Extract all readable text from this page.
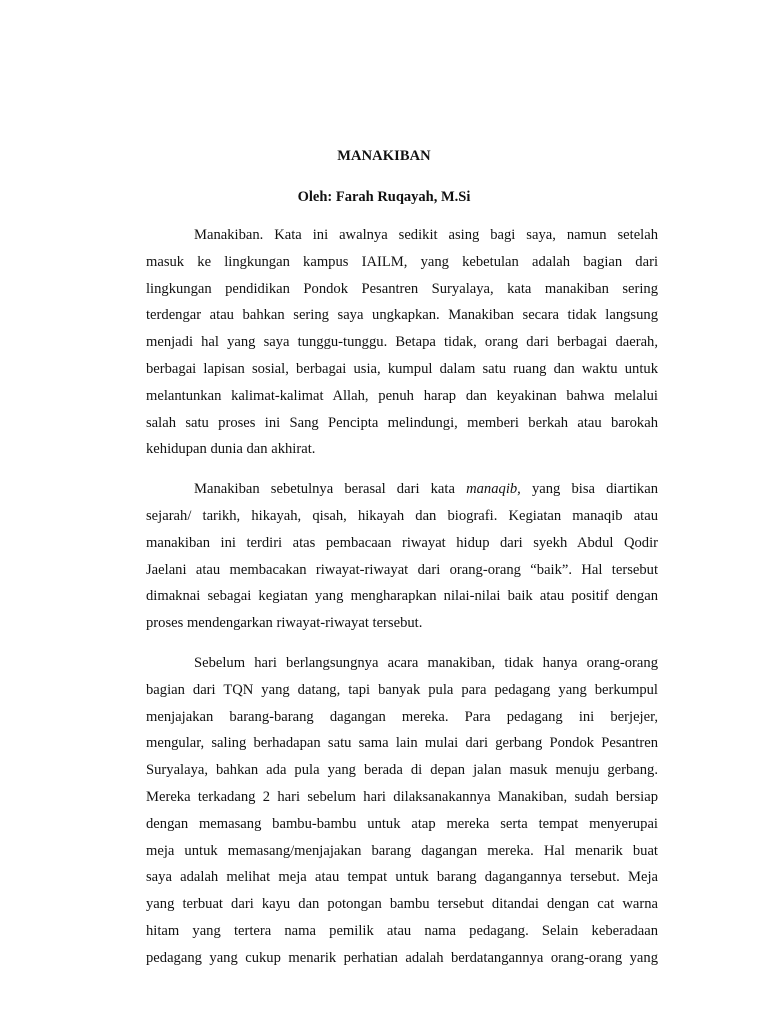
MANAKIBAN
Oleh: Farah Ruqayah, M.Si
Manakiban. Kata ini awalnya sedikit asing bagi saya, namun setelah
masuk ke lingkungan kampus IAILM, yang kebetulan adalah bagian dari
lingkungan pendidikan Pondok Pesantren Suryalaya, kata manakiban sering
terdengar atau bahkan sering saya ungkapkan. Manakiban secara tidak langsung
menjadi hal yang saya tunggu-tunggu. Betapa tidak, orang dari berbagai daerah,
berbagai lapisan sosial, berbagai usia, kumpul dalam satu ruang dan waktu untuk
melantunkan kalimat-kalimat Allah, penuh harap dan keyakinan bahwa melalui
salah satu proses ini Sang Pencipta melindungi, memberi berkah atau barokah
kehidupan dunia dan akhirat.
Manakiban sebetulnya berasal dari kata manaqib, yang bisa diartikan
sejarah/ tarikh, hikayah, qisah, hikayah dan biografi. Kegiatan manaqib atau
manakiban ini terdiri atas pembacaan riwayat hidup dari syekh Abdul Qodir
Jaelani atau membacakan riwayat-riwayat dari orang-orang “baik”. Hal tersebut
dimaknai sebagai kegiatan yang mengharapkan nilai-nilai baik atau positif dengan
proses mendengarkan riwayat-riwayat tersebut.
Sebelum hari berlangsungnya acara manakiban, tidak hanya orang-orang
bagian dari TQN yang datang, tapi banyak pula para pedagang yang berkumpul
menjajakan barang-barang dagangan mereka. Para pedagang ini berjejer,
mengular, saling berhadapan satu sama lain mulai dari gerbang Pondok Pesantren
Suryalaya, bahkan ada pula yang berada di depan jalan masuk menuju gerbang.
Mereka terkadang 2 hari sebelum hari dilaksanakannya Manakiban, sudah bersiap
dengan memasang bambu-bambu untuk atap mereka serta tempat menyerupai
meja untuk memasang/menjajakan barang dagangan mereka. Hal menarik buat
saya adalah melihat meja atau tempat untuk barang dagangannya tersebut. Meja
yang terbuat dari kayu dan potongan bambu tersebut ditandai dengan cat warna
hitam yang tertera nama pemilik atau nama pedagang. Selain keberadaan
pedagang yang cukup menarik perhatian adalah berdatangannya orang-orang yang
